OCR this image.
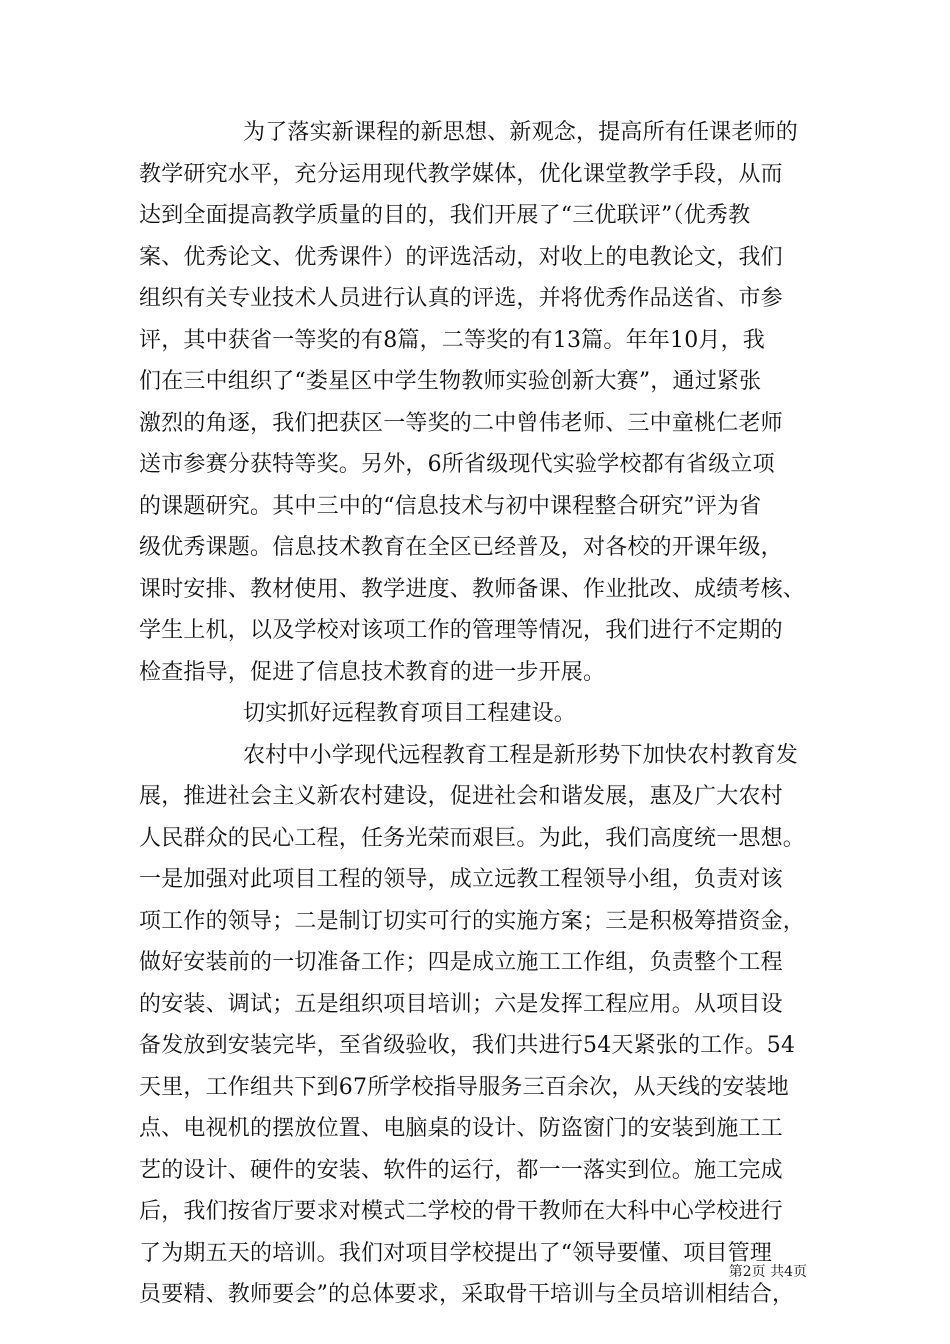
为了落实新课程的新思想、新观念，提高所有任课老师的
教学研究水平，充分运用现代教学媒体，优化课堂教学手段，从而
达到全面提高教学质量的目的，我们开展了“三优联评”（优秀教
案、优秀论文、优秀课件）的评选活动，对收上的电教论文，我们
组织有关专业技术人员进行认真的评选，并将优秀作品送省、市参
评，其中获省一等奖的有8篇，二等奖的有13篇。年年10月，我
们在三中组织了“娄星区中学生物教师实验创新大赛”，通过紧张
激烈的角逐，我们把获区一等奖的二中曾伟老师、三中童桃仁老师
送市参赛分获特等奖。另外，6所省级现代实验学校都有省级立项
的课题研究。其中三中的“信息技术与初中课程整合研究”评为省
级优秀课题。信息技术教育在全区已经普及，对各校的开课年级，
课时安排、教材使用、教学进度、教师备课、作业批改、成绩考核、
学生上机，以及学校对该项工作的管理等情况，我们进行不定期的
检查指导，促进了信息技术教育的进一步开展。
切实抓好远程教育项目工程建设。
农村中小学现代远程教育工程是新形势下加快农村教育发
展，推进社会主义新农村建设，促进社会和谐发展，惠及广大农村
人民群众的民心工程，任务光荣而艰巨。为此，我们高度统一思想。
一是加强对此项目工程的领导，成立远教工程领导小组，负责对该
项工作的领导；二是制订切实可行的实施方案；三是积极筹措资金，
做好安装前的一切准备工作；四是成立施工工作组，负责整个工程
的安装、调试；五是组织项目培训；六是发挥工程应用。从项目设
备发放到安装完毕，至省级验收，我们共进行54天紧张的工作。54
天里，工作组共下到67所学校指导服务三百余次，从天线的安装地
点、电视机的摆放位置、电脑桌的设计、防盗窗门的安装到施工工
艺的设计、硬件的安装、软件的运行，都一一落实到位。施工完成
后，我们按省厅要求对模式二学校的骨干教师在大科中心学校进行
了为期五天的培训。我们对项目学校提出了“领导要懂、项目管理
员要精、教师要会”的总体要求，采取骨干培训与全员培训相结合，
第2页 共4页
